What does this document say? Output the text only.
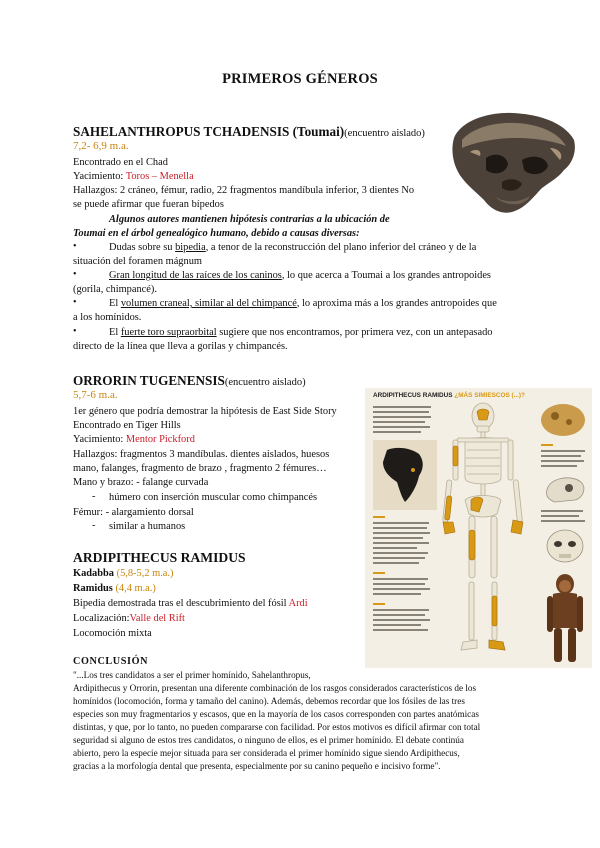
PRIMEROS GÉNEROS
SAHELANTHROPUS TCHADENSIS (Toumai)(encuentro aislado)
7,2- 6,9 m.a.
Encontrado en el Chad
Yacimiento: Toros – Menella
Hallazgos: 2 cráneo, fémur, radio, 22 fragmentos mandíbula inferior, 3 dientes No
se puede afirmar que fueran bípedos
Algunos autores mantienen hipótesis contrarias a la ubicación de
Toumai en el árbol genealógico humano, debido a causas diversas:
•	Dudas sobre su bipedia, a tenor de la reconstrucción del plano inferior del cráneo y de la
situación del foramen mágnum
•	Gran longitud de las raíces de los caninos, lo que acerca a Toumai a los grandes antropoides
(gorila, chimpancé).
•	El volumen craneal, similar al del chimpancé, lo aproxima más a los grandes antropoides que
a los homínidos.
•	El fuerte toro supraorbital sugiere que nos encontramos, por primera vez, con un antepasado
directo de la línea que lleva a gorilas y chimpancés.
ORRORIN TUGENENSIS(encuentro aislado)
5,7-6 m.a.
1er género que podría demostrar la hipótesis de East Side Story
Encontrado en Tiger Hills
Yacimiento: Mentor Pickford
Hallazgos: fragmentos 3 mandíbulas. dientes aislados, huesos
mano, falanges, fragmento de brazo , fragmento 2 fémures…
Mano y brazo: - falange curvada
- húmero con inserción muscular como chimpancés
Fémur: - alargamiento dorsal
- similar a humanos
ARDIPITHECUS RAMIDUS
Kadabba (5,8-5,2 m.a.)
Ramidus (4,4 m.a.)
Bipedia demostrada tras el descubrimiento del fósil Ardi
Localización:Valle del Rift
Locomoción mixta
CONCLUSIÓN
"...Los tres candidatos a ser el primer homínido, Sahelanthropus,
Ardipithecus y Orrorin, presentan una diferente combinación de los rasgos considerados característicos de los
homínidos (locomoción, forma y tamaño del canino). Además, debemos recordar que los fósiles de las tres
especies son muy fragmentarios y escasos, que en la mayoría de los casos corresponden con partes anatómicas
distintas, y que, por lo tanto, no pueden compararse con facilidad. Por estos motivos es difícil afirmar con total
seguridad si alguno de estos tres candidatos, o ninguno de ellos, es el primer homínido. El debate continúa
abierto, pero la especie mejor situada para ser considerada el primer homínido sigue siendo Ardipithecus,
gracias a la morfología dental que presenta, especialmente por su canino pequeño e incisivo forme".
ARDIPITHECUS RAMIDUS ¿MÁS SIMIESCOS (...)?
